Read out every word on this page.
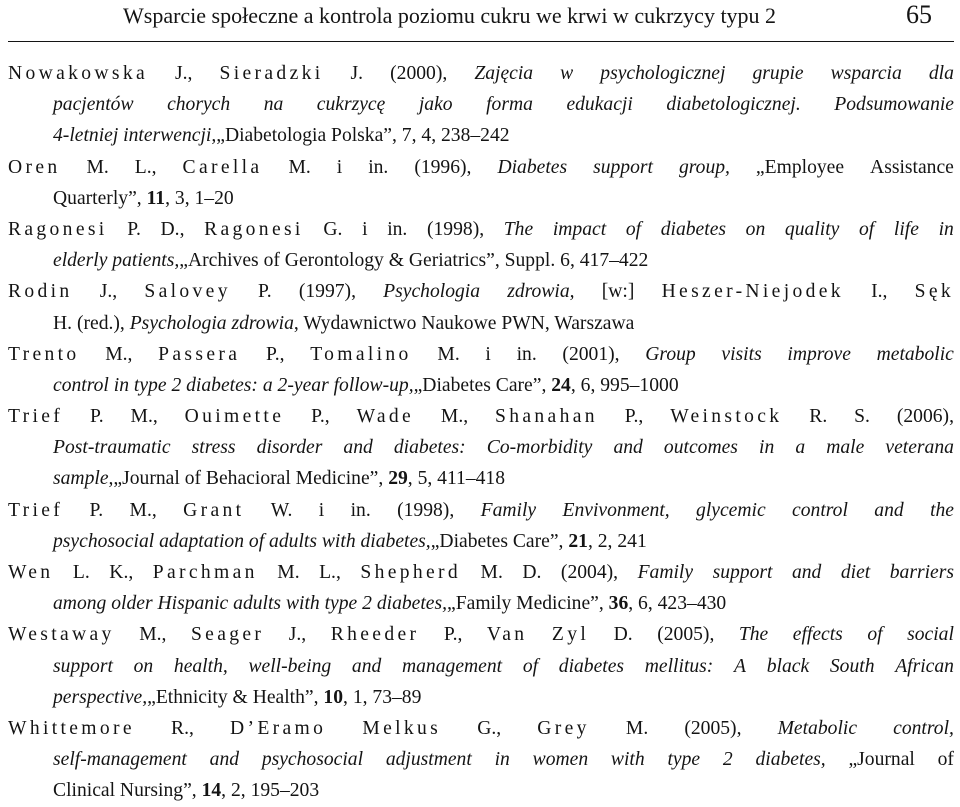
Wsparcie społeczne a kontrola poziomu cukru we krwi w cukrzycy typu 2	65
Nowakowska J., Sieradzki J. (2000), Zajęcia w psychologicznej grupie wsparcia dla
pacjentów chorych na cukrzycę jako forma edukacji diabetologicznej. Podsumowanie
4-letniej interwencji, „Diabetologia Polska”, 7, 4, 238–242
Oren M. L., Carella M. i in. (1996), Diabetes support group, „Employee Assistance
Quarterly”,
11 , 3, 1–20
Ragonesi P. D., Ragonesi G. i in. (1998), The impact of diabetes on quality of life in
elderly patients, „Archives of Gerontology & Geriatrics”, Suppl. 6, 417–422
Rodin J., Salovey P. (1997), Psychologia zdrowia, [w:] Heszer-Niejodek I., Sęk
H. (red.),
Psychologia zdrowia , Wydawnictwo Naukowe PWN, Warszawa
Trento M., Passera P., Tomalino M. i in. (2001), Group visits improve metabolic
control in type 2 diabetes: a 2-year follow-up, „Diabetes Care”,
24 , 6, 995–1000
Trief P. M., Ouimette P., Wade M., Shanahan P., Weinstock R. S. (2006),
Post-traumatic stress disorder and diabetes: Co-morbidity and outcomes in a male veterana
sample, „Journal of Behacioral Medicine”,
29 , 5, 411–418
Trief P. M., Grant W. i in. (1998), Family Envivonment, glycemic control and the
psychosocial adaptation of adults with diabetes, „Diabetes Care”,
21 , 2, 241
Wen L. K., Parchman M. L., Shepherd M. D. (2004), Family support and diet barriers
among older Hispanic adults with type 2 diabetes, „Family Medicine”,
36 , 6, 423–430
Westaway M., Seager J., Rheeder P., Van Zyl D. (2005), The effects of social
support on health, well-being and management of diabetes mellitus: A black South African
perspective, „Ethnicity & Health”,
10 , 1, 73–89
Whittemore R., D’Eramo Melkus G., Grey M. (2005), Metabolic control,
self-management and psychosocial adjustment in women with type 2 diabetes, „Journal of
Clinical Nursing”,
14 , 2, 195–203
